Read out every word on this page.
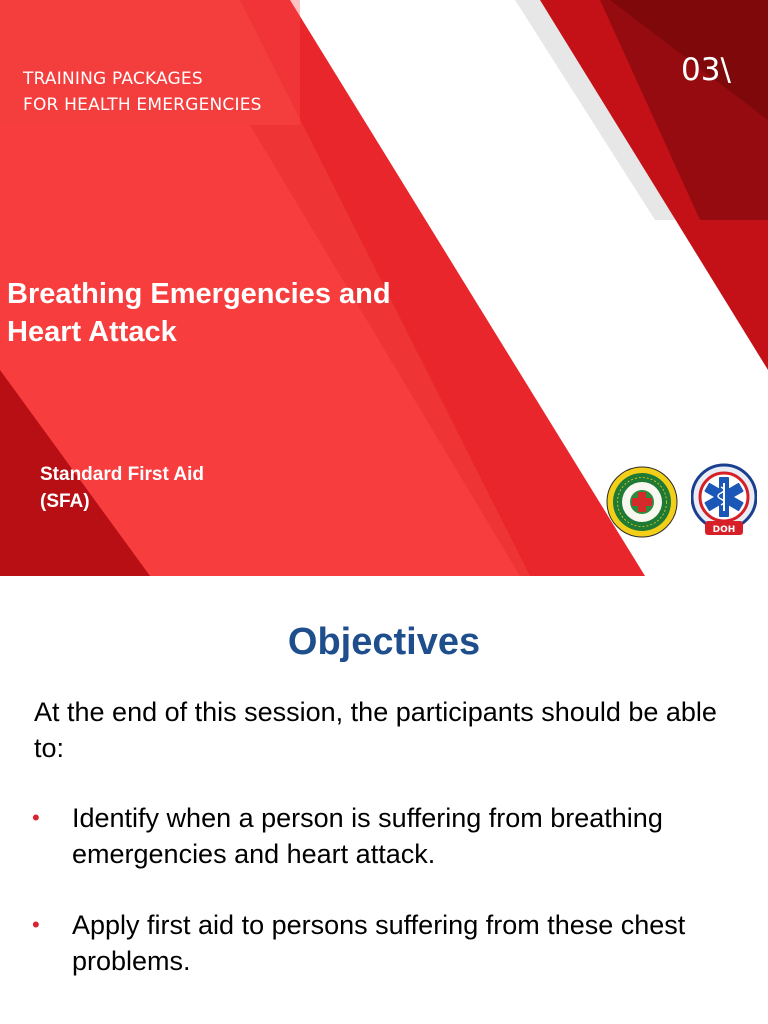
TRAINING PACKAGES
FOR HEALTH EMERGENCIES

03\

Breathing Emergencies and
Heart Attack

Standard First Aid
(SFA)

DOH
Objectives

At the end of this session, the participants should be able to:

• Identify when a person is suffering from breathing emergencies and heart attack.
• Apply first aid to persons suffering from these chest problems.
